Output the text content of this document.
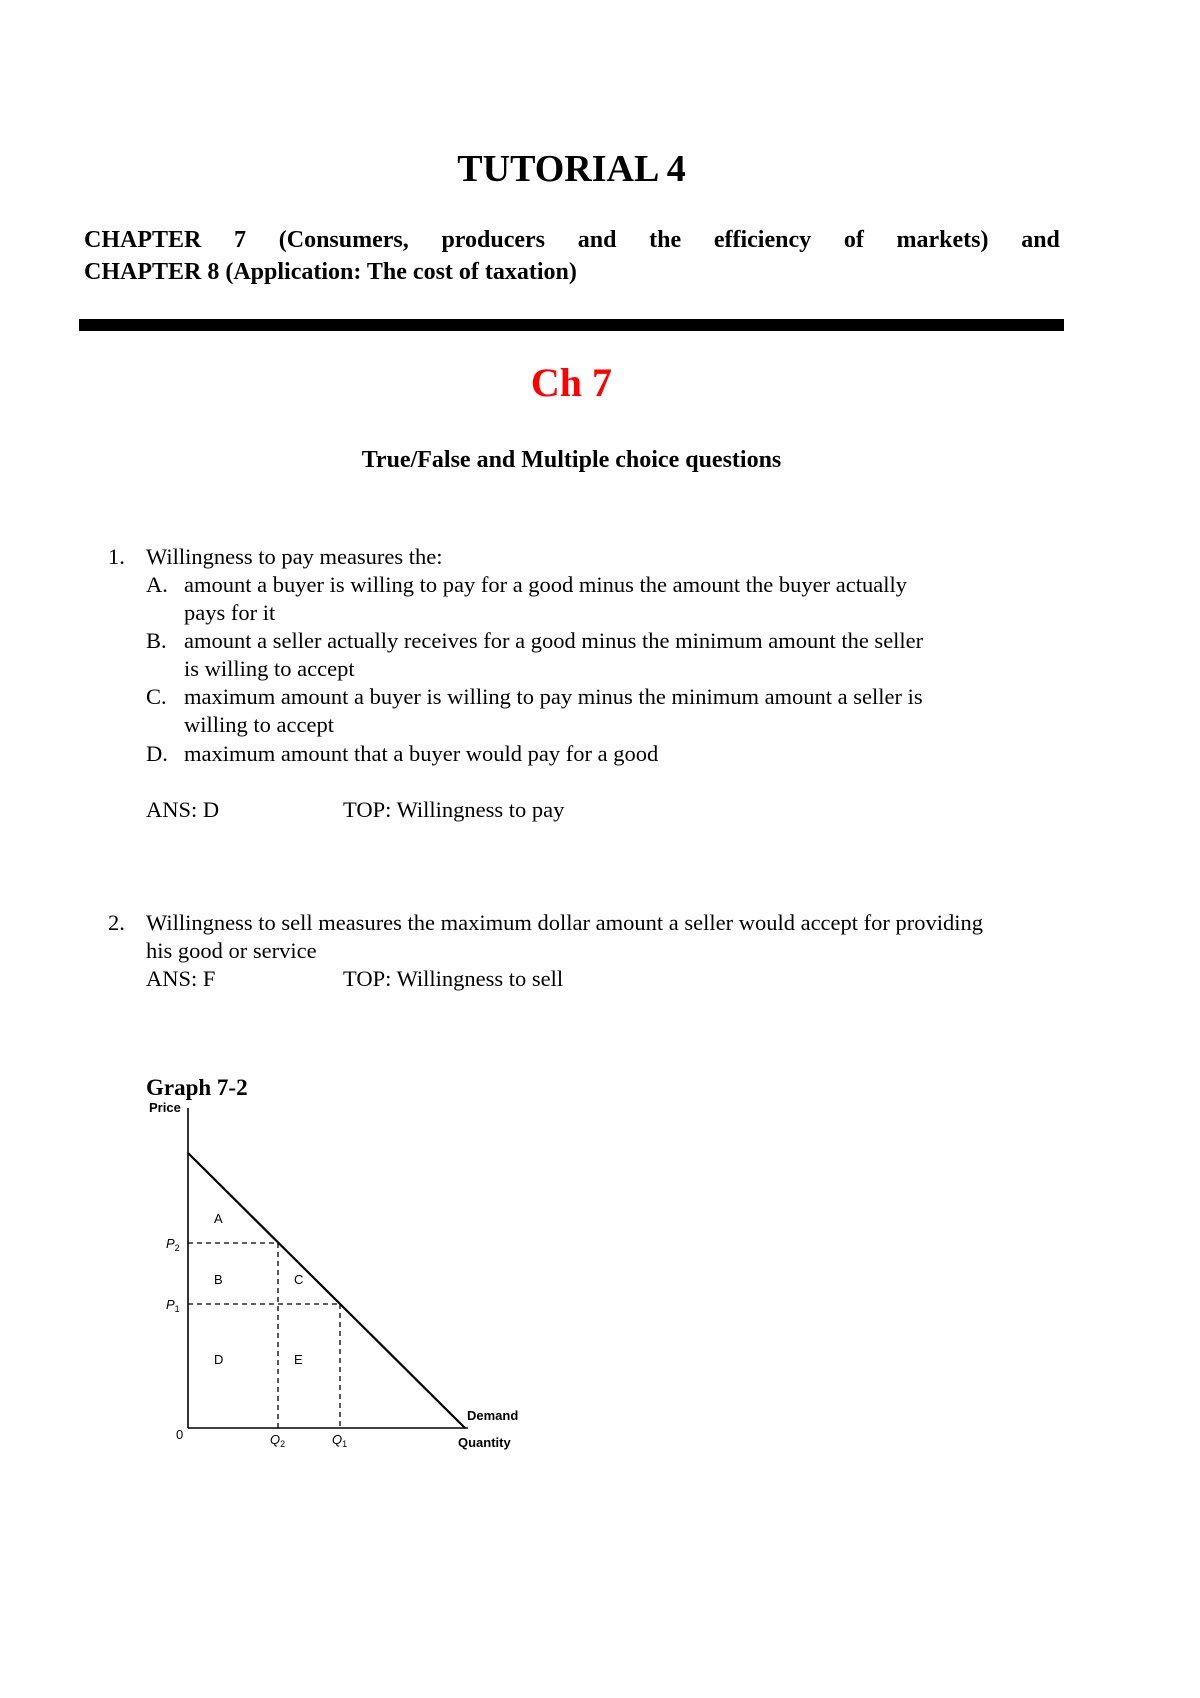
TUTORIAL 4
CHAPTER 7 (Consumers, producers and the efficiency of markets) and
CHAPTER 8 (Application: The cost of taxation)
Ch 7
True/False and Multiple choice questions
1. Willingness to pay measures the:
A. amount a buyer is willing to pay for a good minus the amount the buyer actually
pays for it
B. amount a seller actually receives for a good minus the minimum amount the seller
is willing to accept
C. maximum amount a buyer is willing to pay minus the minimum amount a seller is
willing to accept
D. maximum amount that a buyer would pay for a good
ANS: D	TOP: Willingness to pay
2. Willingness to sell measures the maximum dollar amount a seller would accept for providing
his good or service
ANS: F	TOP: Willingness to sell
Graph 7-2
Price
Quantity
0
Demand
$P_2$
$P_1$
$Q_2$	$Q_1$
A
B	C
D	E
